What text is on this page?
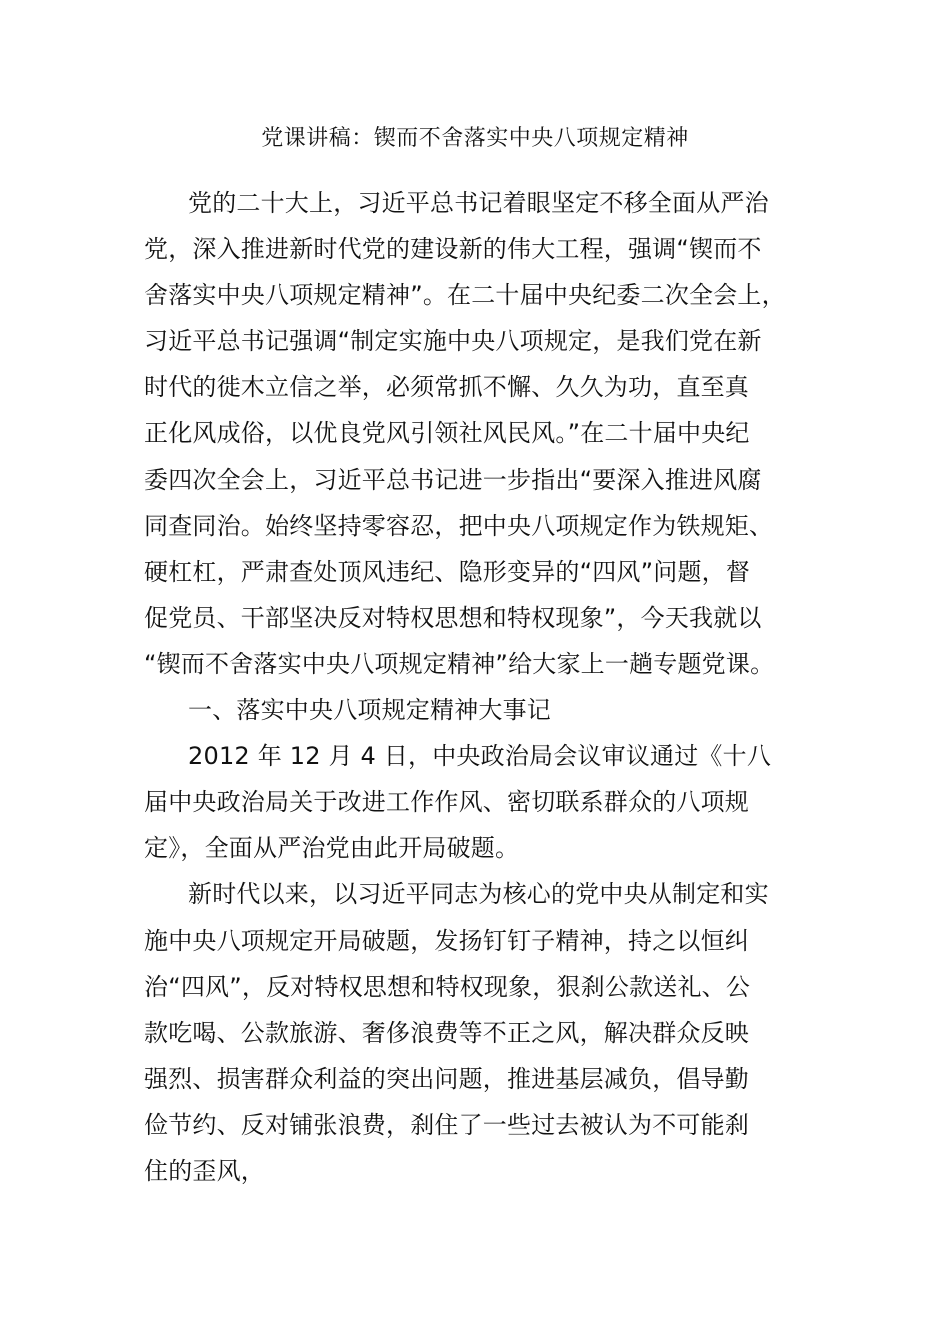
党课讲稿：锲而不舍落实中央八项规定精神
党的二十大上，习近平总书记着眼坚定不移全面从严治
党，深入推进新时代党的建设新的伟大工程，强调“锲而不
舍落实中央八项规定精神”。在二十届中央纪委二次全会上，
习近平总书记强调“制定实施中央八项规定，是我们党在新
时代的徙木立信之举，必须常抓不懈、久久为功，直至真
正化风成俗，以优良党风引领社风民风。”在二十届中央纪
委四次全会上，习近平总书记进一步指出“要深入推进风腐
同查同治。始终坚持零容忍，把中央八项规定作为铁规矩、
硬杠杠，严肃查处顶风违纪、隐形变异的“四风”问题，督
促党员、干部坚决反对特权思想和特权现象”，今天我就以
“锲而不舍落实中央八项规定精神”给大家上一趟专题党课。
一、落实中央八项规定精神大事记
2012 年 12 月 4 日，中央政治局会议审议通过《十八
届中央政治局关于改进工作作风、密切联系群众的八项规
定》，全面从严治党由此开局破题。
新时代以来，以习近平同志为核心的党中央从制定和实
施中央八项规定开局破题，发扬钉钉子精神，持之以恒纠
治“四风”，反对特权思想和特权现象，狠刹公款送礼、公
款吃喝、公款旅游、奢侈浪费等不正之风，解决群众反映
强烈、损害群众利益的突出问题，推进基层减负，倡导勤
俭节约、反对铺张浪费，刹住了一些过去被认为不可能刹
住的歪风，
